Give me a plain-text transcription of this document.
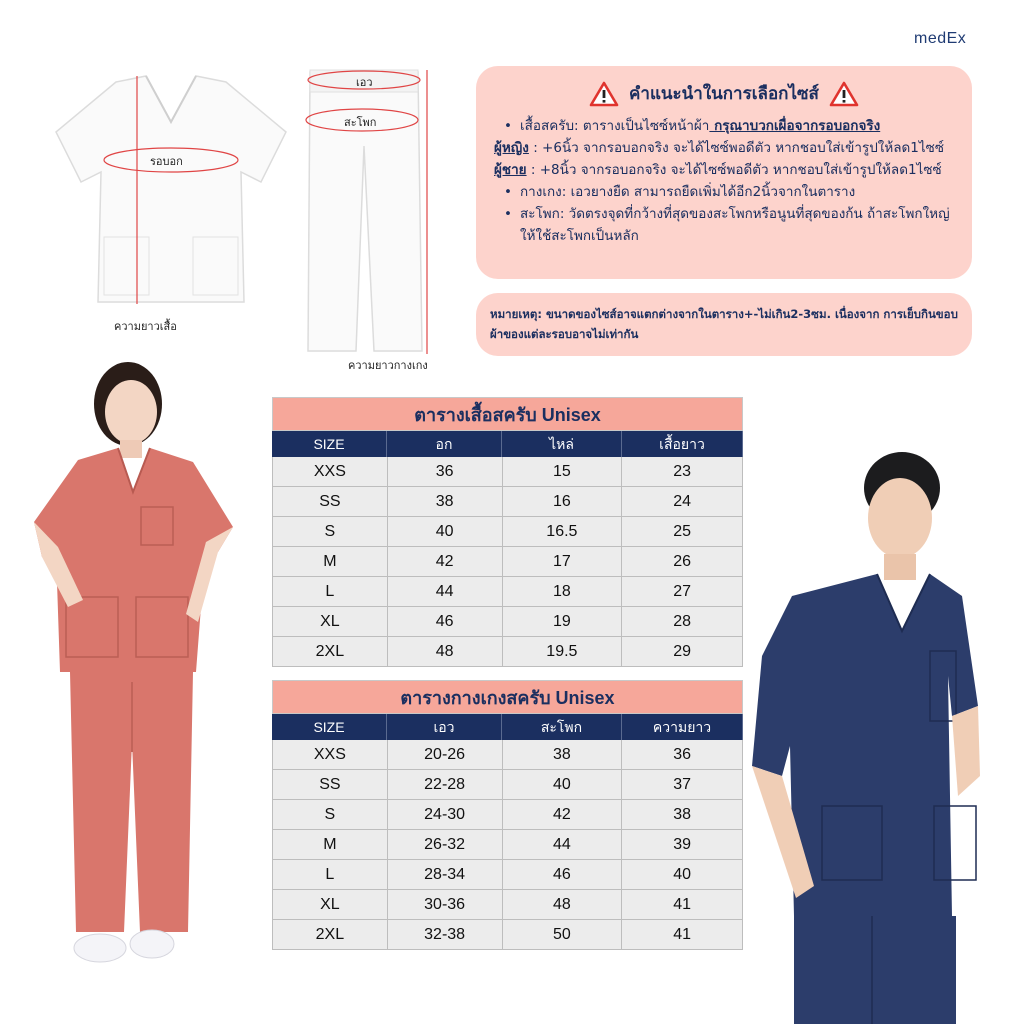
medEx
รอบอก
ความยาวเสื้อ
เอว
สะโพก
ความยาวกางเกง
คำแนะนำในการเลือกไซส์
• เสื้อสครับ: ตารางเป็นไซซ์หน้าผ้า กรุณาบวกเผื่อจากรอบอกจริง
ผู้หญิง : +6นิ้ว จากรอบอกจริง จะได้ไซซ์พอดีตัว หากชอบใส่เข้ารูปให้ลด1ไซซ์
ผู้ชาย : +8นิ้ว จากรอบอกจริง จะได้ไซซ์พอดีตัว หากชอบใส่เข้ารูปให้ลด1ไซซ์
• กางเกง: เอวยางยืด สามารถยืดเพิ่มได้อีก2นิ้วจากในตาราง
• สะโพก: วัดตรงจุดที่กว้างที่สุดของสะโพกหรือนูนที่สุดของก้น ถ้าสะโพกใหญ่ให้ใช้สะโพกเป็นหลัก
หมายเหตุ: ขนาดของไซส์อาจแตกต่างจากในตาราง+-ไม่เกิน2-3ซม. เนื่องจาก การเย็บกินขอบผ้าของแต่ละรอบอาจไม่เท่ากัน
ตารางเสื้อสครับ Unisex
SIZE	อก	ไหล่	เสื้อยาว
XXS	36	15	23
SS	38	16	24
S	40	16.5	25
M	42	17	26
L	44	18	27
XL	46	19	28
2XL	48	19.5	29
ตารางกางเกงสครับ Unisex
SIZE	เอว	สะโพก	ความยาว
XXS	20-26	38	36
SS	22-28	40	37
S	24-30	42	38
M	26-32	44	39
L	28-34	46	40
XL	30-36	48	41
2XL	32-38	50	41
